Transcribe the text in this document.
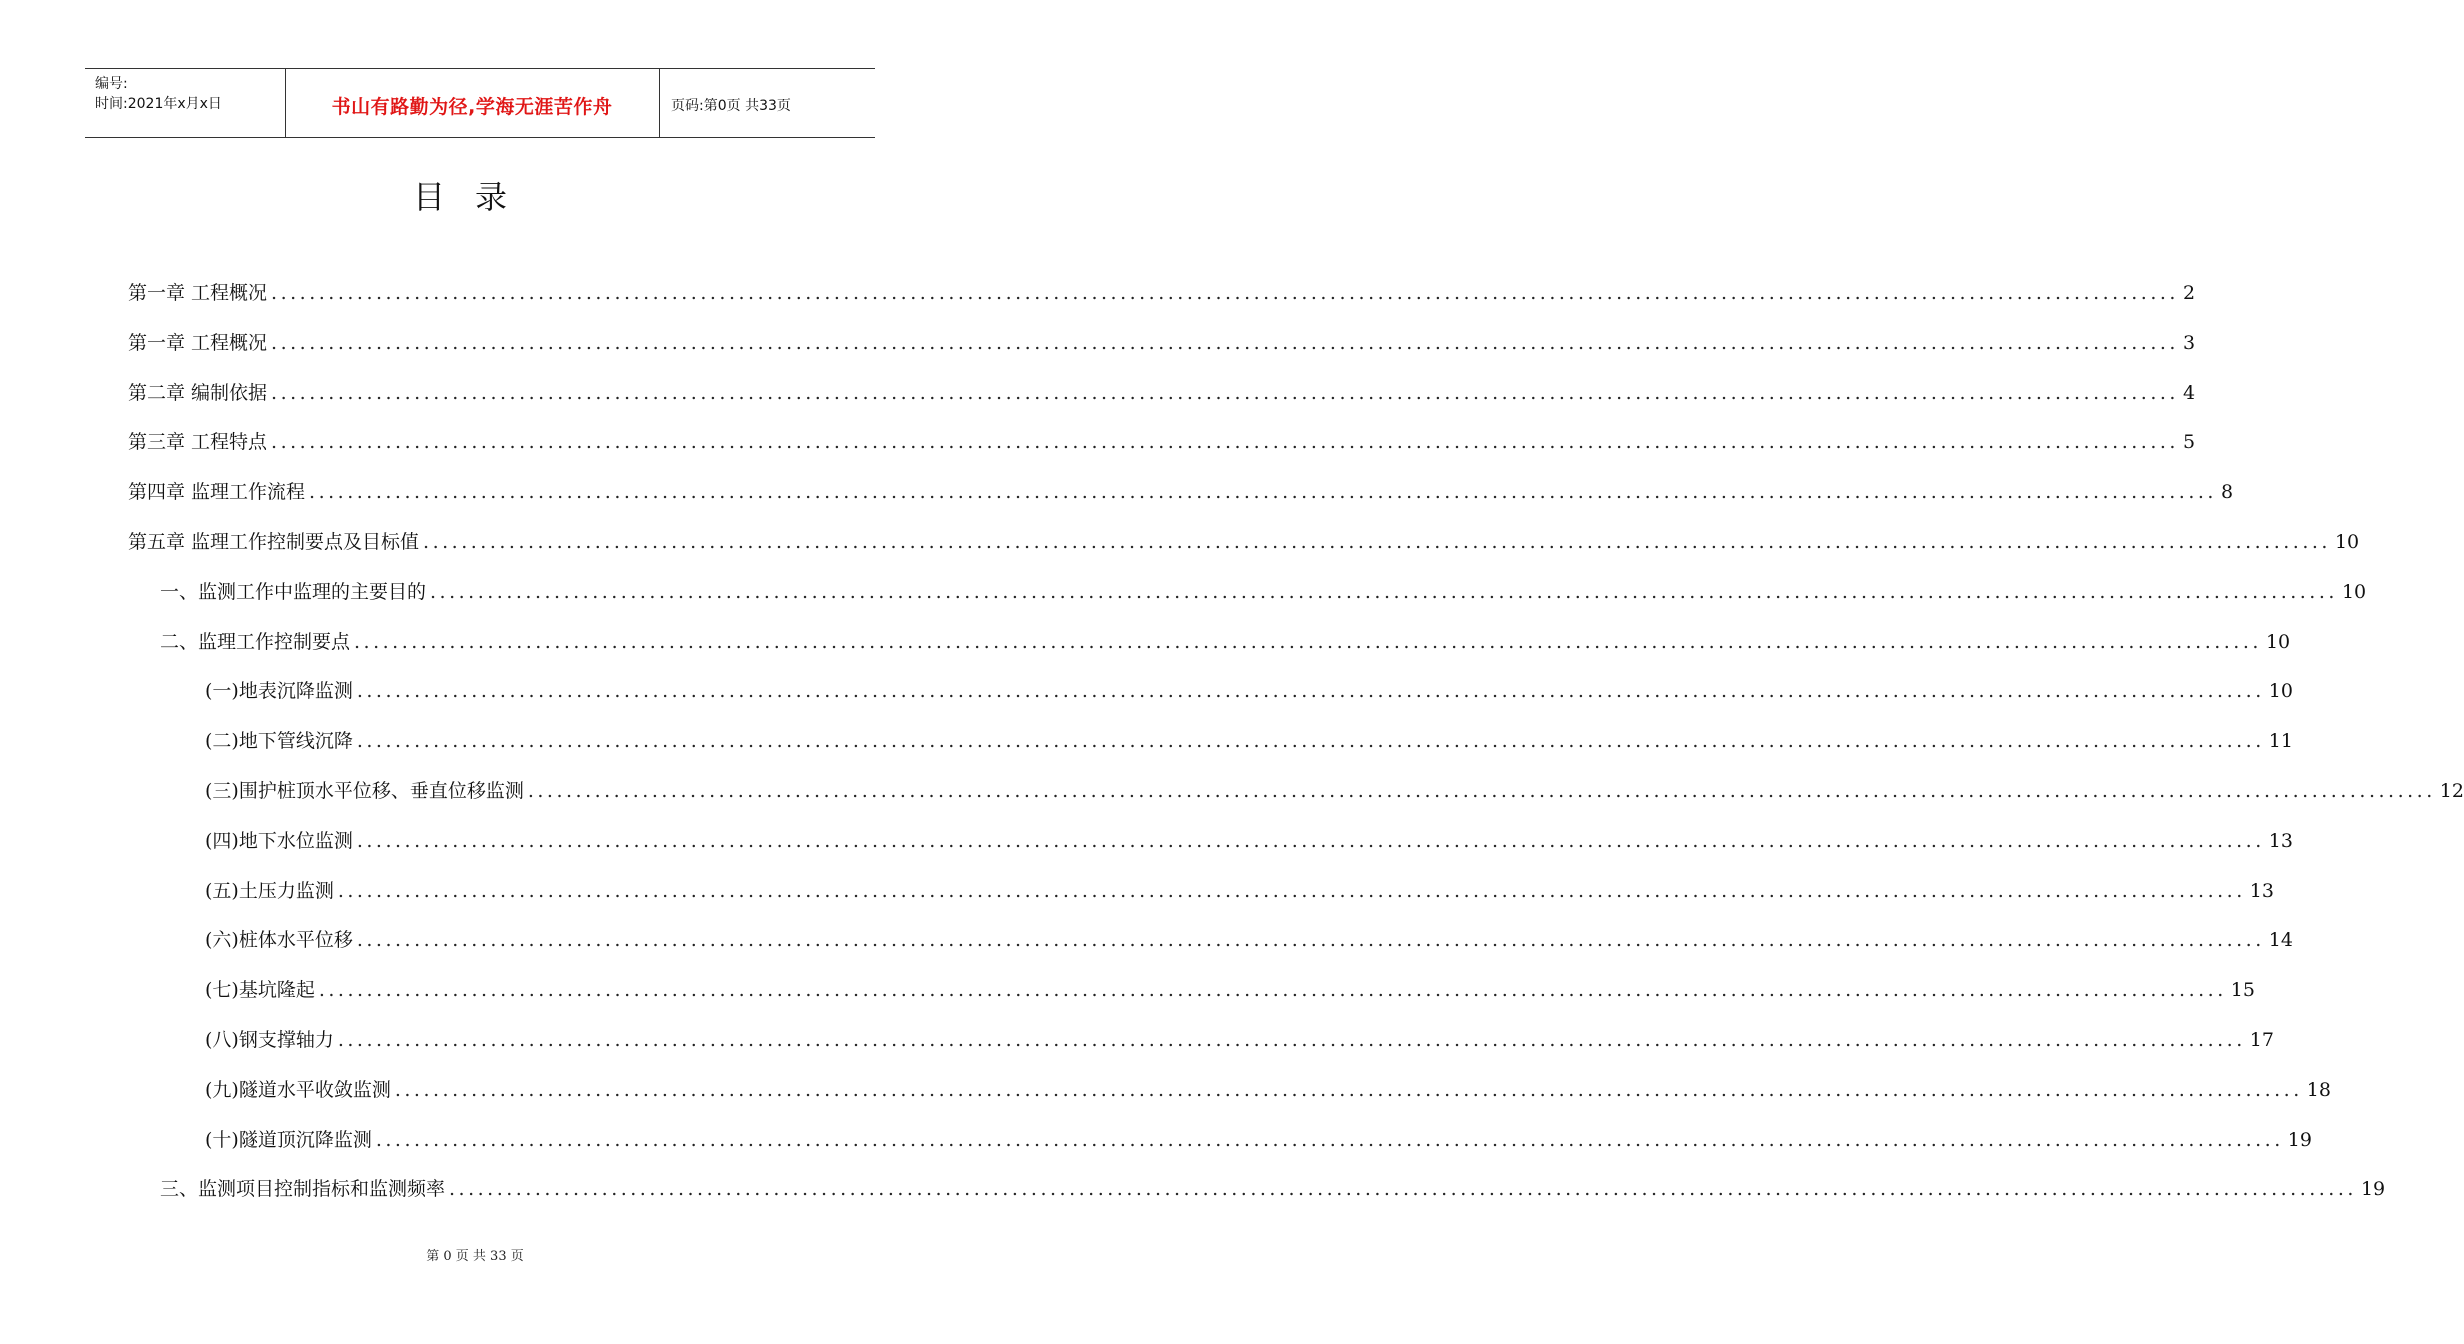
编号:
时间:2021年x月x日	书山有路勤为径,学海无涯苦作舟	页码:第0页 共33页
目录
第一章 工程概况 ........................................................................................................................................................................................................ 2
第一章 工程概况 ........................................................................................................................................................................................................ 3
第二章 编制依据 ........................................................................................................................................................................................................ 4
第三章 工程特点 ........................................................................................................................................................................................................ 5
第四章 监理工作流程 ........................................................................................................................................................................................................ 8
第五章 监理工作控制要点及目标值 ........................................................................................................................................................................................................ 10
一、监测工作中监理的主要目的 ........................................................................................................................................................................................................ 10
二、监理工作控制要点 ........................................................................................................................................................................................................ 10
(一)地表沉降监测 ........................................................................................................................................................................................................ 10
(二)地下管线沉降 ........................................................................................................................................................................................................ 11
(三)围护桩顶水平位移、垂直位移监测 ........................................................................................................................................................................................................ 12
(四)地下水位监测 ........................................................................................................................................................................................................ 13
(五)土压力监测 ........................................................................................................................................................................................................ 13
(六)桩体水平位移 ........................................................................................................................................................................................................ 14
(七)基坑隆起 ........................................................................................................................................................................................................ 15
(八)钢支撑轴力 ........................................................................................................................................................................................................ 17
(九)隧道水平收敛监测 ........................................................................................................................................................................................................ 18
(十)隧道顶沉降监测 ........................................................................................................................................................................................................ 19
三、监测项目控制指标和监测频率 ........................................................................................................................................................................................................ 19
第 0 页 共 33 页
